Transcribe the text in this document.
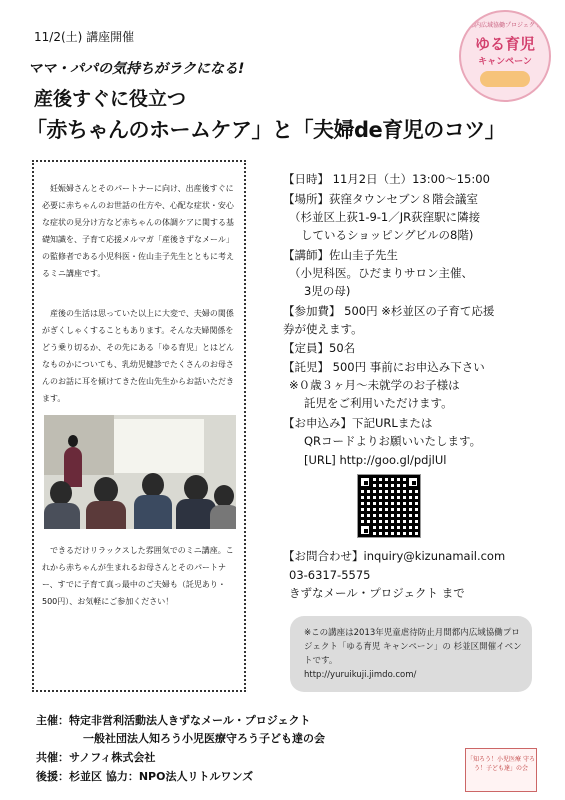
11/2(土) 講座開催
ママ・パパの気持ちがラクになる!
産後すぐに役立つ
「赤ちゃんのホームケア」と「夫婦de育児のコツ」
都内広域協働プロジェクト
ゆる育児
キャンペーン

妊娠婦さんとそのパートナーに向け、出産後すぐに必要に赤ちゃんのお世話の仕方や、心配な症状・安心な症状の見分け方など赤ちゃんの体調ケアに関する基礎知識を、子育て応援メルマガ「産後きずなメール」の監修者である小児科医・佐山圭子先生とともに考えるミニ講座です。

産後の生活は思っていた以上に大変で、夫婦の関係がぎくしゃくすることもあります。そんな夫婦関係をどう乗り切るか、その先にある「ゆる育児」とはどんなものかについても、乳幼児健診でたくさんのお母さんのお話に耳を傾けてきた佐山先生からお話いただきます。

できるだけリラックスした雰囲気でのミニ講座。これから赤ちゃんが生まれるお母さんとそのパートナー、すでに子育て真っ最中のご夫婦も（託児あり・500円）、お気軽にご参加ください！

【日時】 11月2日（土）13:00～15:00
【場所】荻窪タウンセブン８階会議室
（杉並区上荻1-9-1／JR荻窪駅に隣接
しているショッピングビルの8階)
【講師】佐山圭子先生
（小児科医。ひだまりサロン主催、
3児の母)
【参加費】 500円 ※杉並区の子育て応援
券が使えます。
【定員】50名
【託児】 500円 事前にお申込み下さい
※０歳３ヶ月～未就学のお子様は
託児をご利用いただけます。
【お申込み】下記URLまたは
QRコードよりお願いいたします。
[URL] http://goo.gl/pdjlUl
【お問合わせ】inquiry@kizunamail.com
03-6317-5575
きずなメール・プロジェクト まで
※この講座は2013年児童虐待防止月間都内広域協働プロジェクト「ゆる育児 キャンペーン」の 杉並区開催イベントです。
http://yuruikuji.jimdo.com/
主催：特定非営利活動法人きずなメール・プロジェクト
一般社団法人知ろう小児医療守ろう子ども達の会
共催：サノフィ株式会社
後援：杉並区 協力：NPO法人リトルワンズ
「知ろう！小児医療 守ろう！子ども達」の会
